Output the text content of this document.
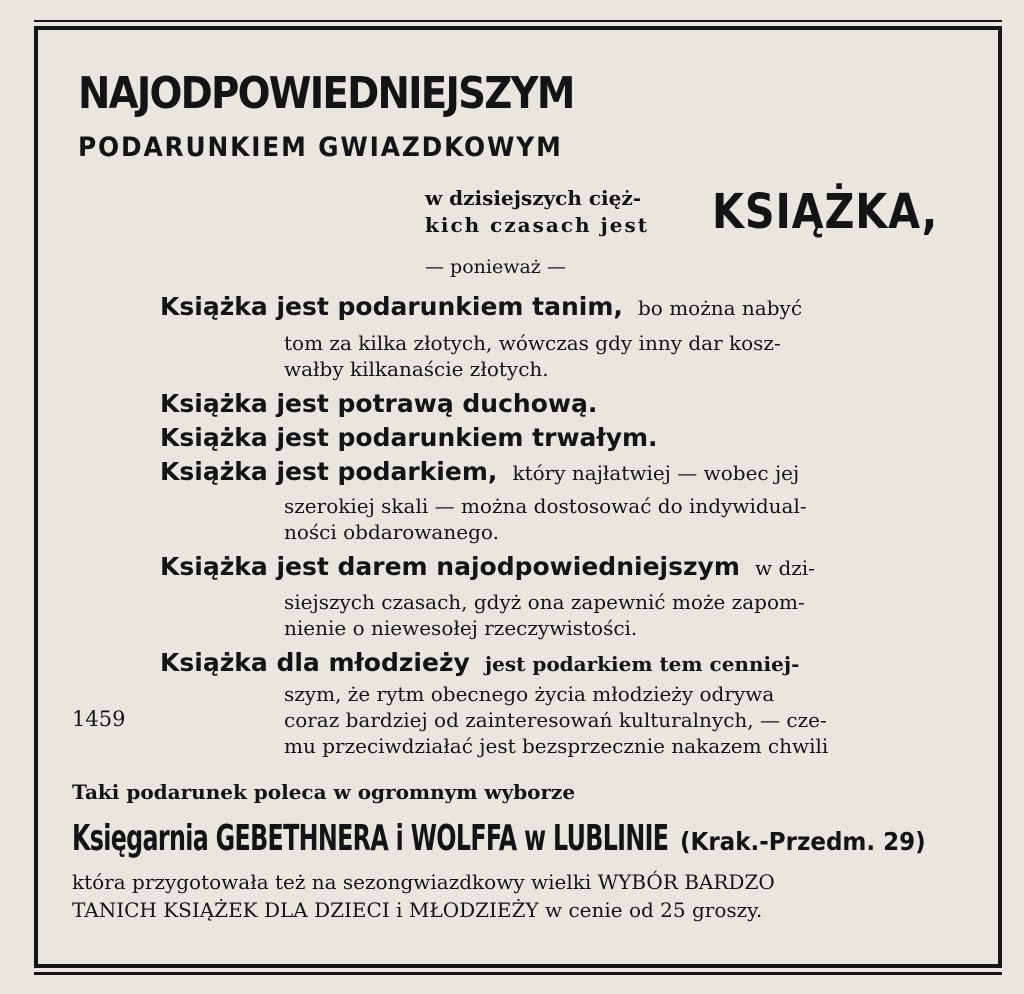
NAJODPOWIEDNIEJSZYM
PODARUNKIEM GWIAZDKOWYM
w dzisiejszych cięż-
kich czasach jest KSIĄŻKA,
— ponieważ —
Książka jest podarunkiem tanim, bo można nabyć
tom za kilka złotych, wówczas gdy inny dar kosz-
wałby kilkanaście złotych.
Książka jest potrawą duchową.
Książka jest podarunkiem trwałym.
Książka jest podarkiem, który najłatwiej — wobec jej
szerokiej skali — można dostosować do indywidual-
ności obdarowanego.
Książka jest darem najodpowiedniejszym w dzi-
siejszych czasach, gdyż ona zapewnić może zapom-
nienie o niewesołej rzeczywistości.
Książka dla młodzieży jest podarkiem tem cenniej-
szym, że rytm obecnego życia młodzieży odrywa
coraz bardziej od zainteresowań kulturalnych, — cze-
mu przeciwdziałać jest bezsprzecznie nakazem chwili
1459
Taki podarunek poleca w ogromnym wyborze
Księgarnia GEBETHNERA i WOLFFA w LUBLINIE (Krak.-Przedm. 29)
która przygotowała też na sezongwiazdkowy wielki WYBÓR BARDZO
TANICH KSIĄŻEK DLA DZIECI i MŁODZIEŻY w cenie od 25 groszy.
